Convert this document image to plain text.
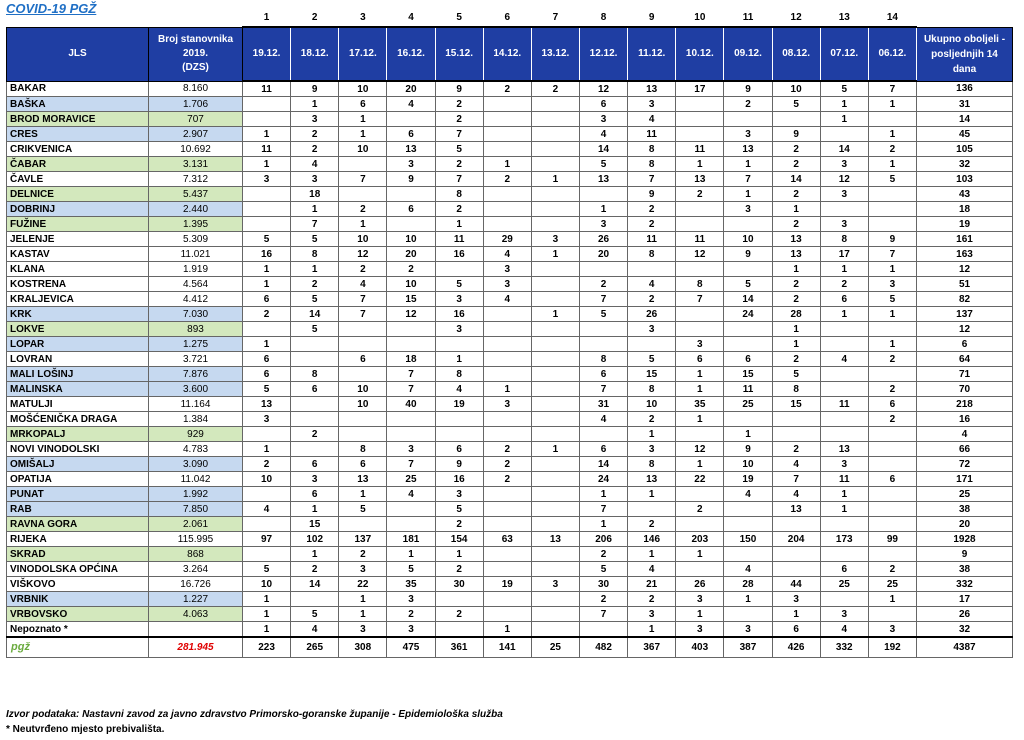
COVID-19 PGŽ
1	2	3	4	5	6	7	8	9	10	11	12	13	14
JLS	Broj stanovnika
2019.
(DZS)	19.12.	18.12.	17.12.	16.12.	15.12.	14.12.	13.12.	12.12.	11.12.	10.12.	09.12.	08.12.	07.12.	06.12.	Ukupno oboljeli -
posljednjih 14
dana
BAKAR	8.160	11	9	10	20	9	2	2	12	13	17	9	10	5	7	136
BAŠKA	1.706		1	6	4	2			6	3		2	5	1	1	31
BROD MORAVICE	707		3	1		2			3	4				1		14
CRES	2.907	1	2	1	6	7			4	11		3	9		1	45
CRIKVENICA	10.692	11	2	10	13	5			14	8	11	13	2	14	2	105
ČABAR	3.131	1	4		3	2	1		5	8	1	1	2	3	1	32
ČAVLE	7.312	3	3	7	9	7	2	1	13	7	13	7	14	12	5	103
DELNICE	5.437		18			8				9	2	1	2	3		43
DOBRINJ	2.440		1	2	6	2			1	2		3	1			18
FUŽINE	1.395		7	1		1			3	2			2	3		19
JELENJE	5.309	5	5	10	10	11	29	3	26	11	11	10	13	8	9	161
KASTAV	11.021	16	8	12	20	16	4	1	20	8	12	9	13	17	7	163
KLANA	1.919	1	1	2	2		3						1	1	1	12
KOSTRENA	4.564	1	2	4	10	5	3		2	4	8	5	2	2	3	51
KRALJEVICA	4.412	6	5	7	15	3	4		7	2	7	14	2	6	5	82
KRK	7.030	2	14	7	12	16		1	5	26		24	28	1	1	137
LOKVE	893		5			3				3			1			12
LOPAR	1.275	1									3		1		1	6
LOVRAN	3.721	6		6	18	1			8	5	6	6	2	4	2	64
MALI LOŠINJ	7.876	6	8		7	8			6	15	1	15	5			71
MALINSKA	3.600	5	6	10	7	4	1		7	8	1	11	8		2	70
MATULJI	11.164	13		10	40	19	3		31	10	35	25	15	11	6	218
MOŠĆENIČKA DRAGA	1.384	3							4	2	1				2	16
MRKOPALJ	929		2							1		1				4
NOVI VINODOLSKI	4.783	1		8	3	6	2	1	6	3	12	9	2	13		66
OMIŠALJ	3.090	2	6	6	7	9	2		14	8	1	10	4	3		72
OPATIJA	11.042	10	3	13	25	16	2		24	13	22	19	7	11	6	171
PUNAT	1.992		6	1	4	3			1	1		4	4	1		25
RAB	7.850	4	1	5		5			7		2		13	1		38
RAVNA GORA	2.061		15			2			1	2						20
RIJEKA	115.995	97	102	137	181	154	63	13	206	146	203	150	204	173	99	1928
SKRAD	868		1	2	1	1			2	1	1					9
VINODOLSKA OPĆINA	3.264	5	2	3	5	2			5	4		4		6	2	38
VIŠKOVO	16.726	10	14	22	35	30	19	3	30	21	26	28	44	25	25	332
VRBNIK	1.227	1		1	3				2	2	3	1	3		1	17
VRBOVSKO	4.063	1	5	1	2	2			7	3	1		1	3		26
Nepoznato *		1	4	3	3		1			1	3	3	6	4	3	32
pgž	281.945	223	265	308	475	361	141	25	482	367	403	387	426	332	192	4387
Izvor podataka: Nastavni zavod za javno zdravstvo Primorsko-goranske županije - Epidemiološka služba
* Neutvrđeno mjesto prebivališta.
